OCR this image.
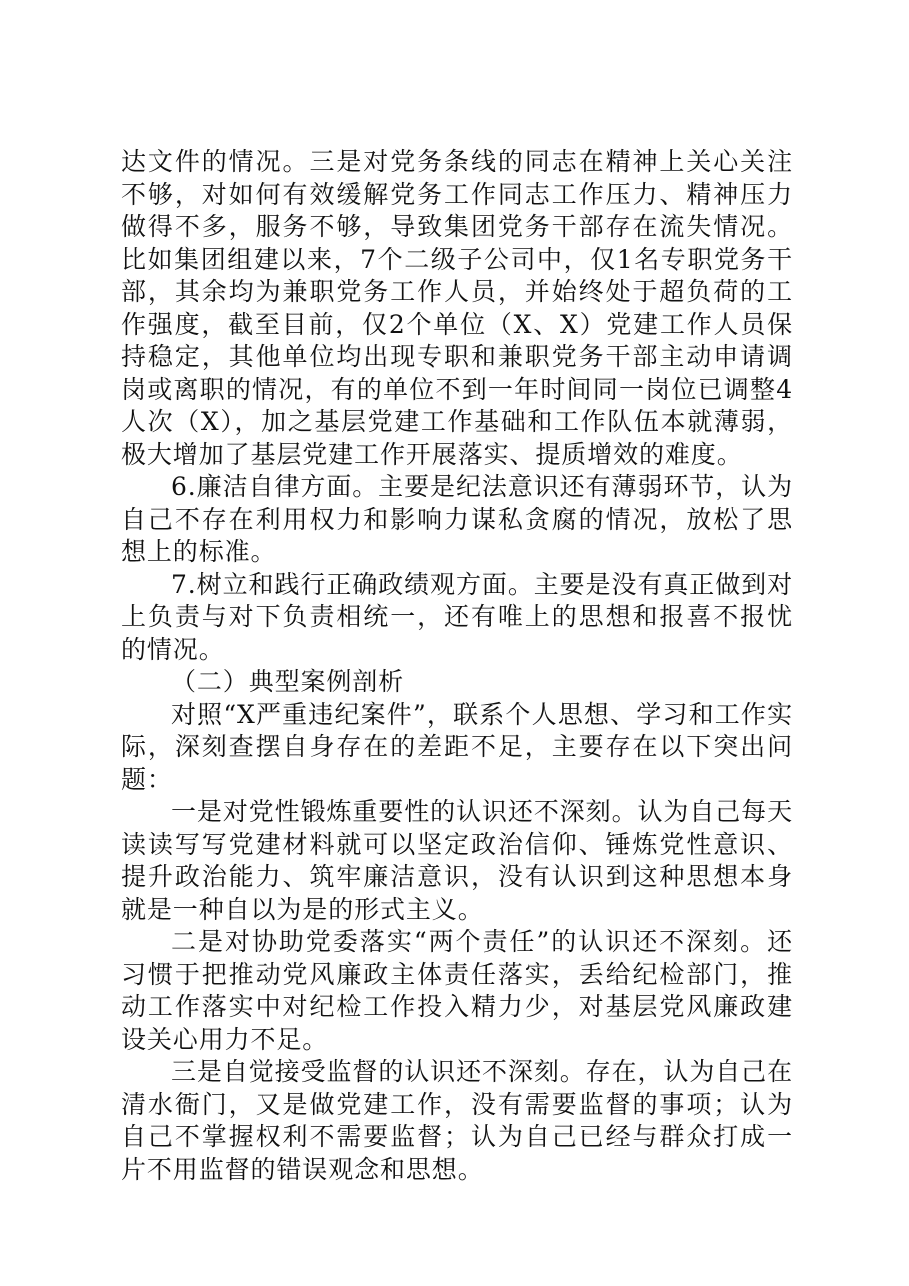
达文件的情况。三是对党务条线的同志在精神上关心关注不够，对如何有效缓解党务工作同志工作压力、精神压力做得不多，服务不够，导致集团党务干部存在流失情况。比如集团组建以来，7个二级子公司中，仅1名专职党务干部，其余均为兼职党务工作人员，并始终处于超负荷的工作强度，截至目前，仅2个单位（X、X）党建工作人员保持稳定，其他单位均出现专职和兼职党务干部主动申请调岗或离职的情况，有的单位不到一年时间同一岗位已调整4人次（X），加之基层党建工作基础和工作队伍本就薄弱，极大增加了基层党建工作开展落实、提质增效的难度。

6.廉洁自律方面。主要是纪法意识还有薄弱环节，认为自己不存在利用权力和影响力谋私贪腐的情况，放松了思想上的标准。

7.树立和践行正确政绩观方面。主要是没有真正做到对上负责与对下负责相统一，还有唯上的思想和报喜不报忧的情况。

（二）典型案例剖析

对照“X严重违纪案件”，联系个人思想、学习和工作实际，深刻查摆自身存在的差距不足，主要存在以下突出问题：

一是对党性锻炼重要性的认识还不深刻。认为自己每天读读写写党建材料就可以坚定政治信仰、锤炼党性意识、提升政治能力、筑牢廉洁意识，没有认识到这种思想本身就是一种自以为是的形式主义。

二是对协助党委落实“两个责任”的认识还不深刻。还习惯于把推动党风廉政主体责任落实，丢给纪检部门，推动工作落实中对纪检工作投入精力少，对基层党风廉政建设关心用力不足。

三是自觉接受监督的认识还不深刻。存在，认为自己在清水衙门，又是做党建工作，没有需要监督的事项；认为自己不掌握权利不需要监督；认为自己已经与群众打成一片不用监督的错误观念和思想。
